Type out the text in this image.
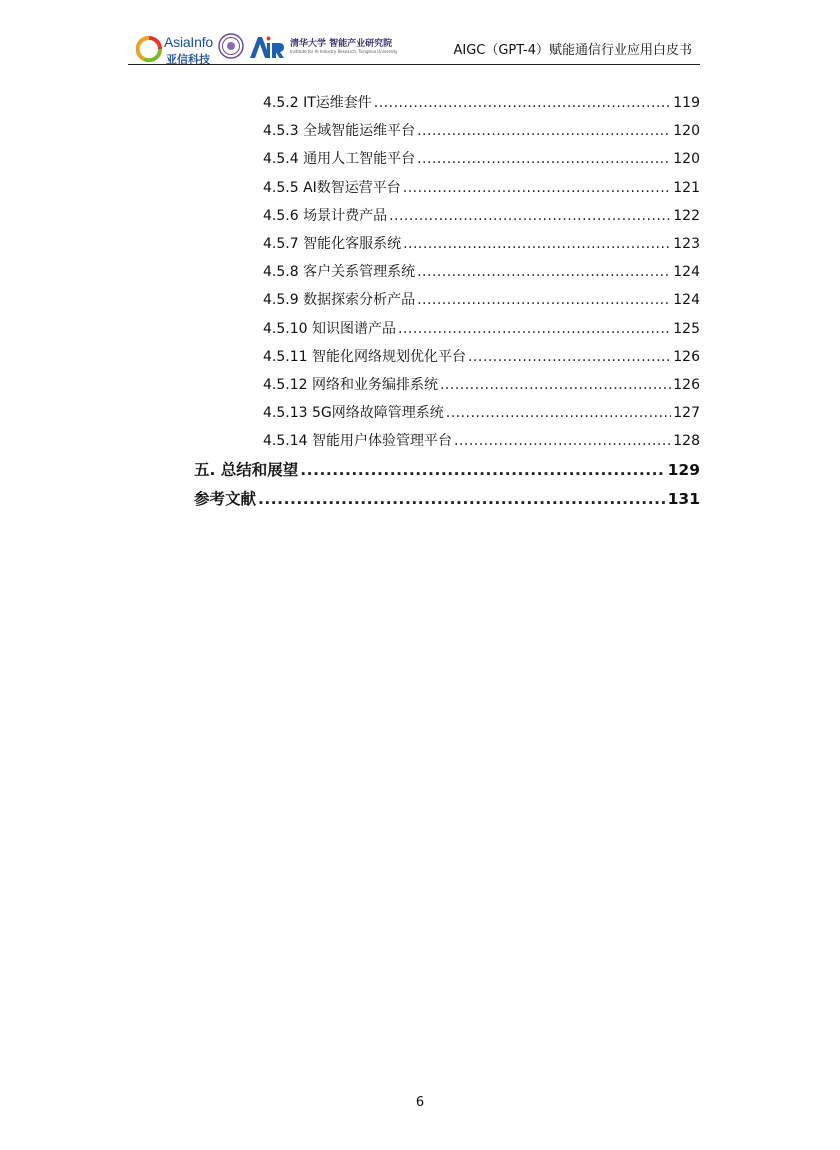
AsiaInfo
亚信科技
清华大学 智能产业研究院
Institute for AI Industry Research, Tsinghua University	AIGC（GPT-4）赋能通信行业应用白皮书
4.5.2 IT运维套件 .....	119
4.5.3 全域智能运维平台 .....	120
4.5.4 通用人工智能平台 .....	120
4.5.5 AI数智运营平台 .....	121
4.5.6 场景计费产品 .....	122
4.5.7 智能化客服系统 .....	123
4.5.8 客户关系管理系统 .....	124
4.5.9 数据探索分析产品 .....	124
4.5.10 知识图谱产品 .....	125
4.5.11 智能化网络规划优化平台 .....	126
4.5.12 网络和业务编排系统 .....	126
4.5.13 5G网络故障管理系统 .....	127
4.5.14 智能用户体验管理平台 .....	128
五. 总结和展望 .....	129
参考文献 .....	131
6
